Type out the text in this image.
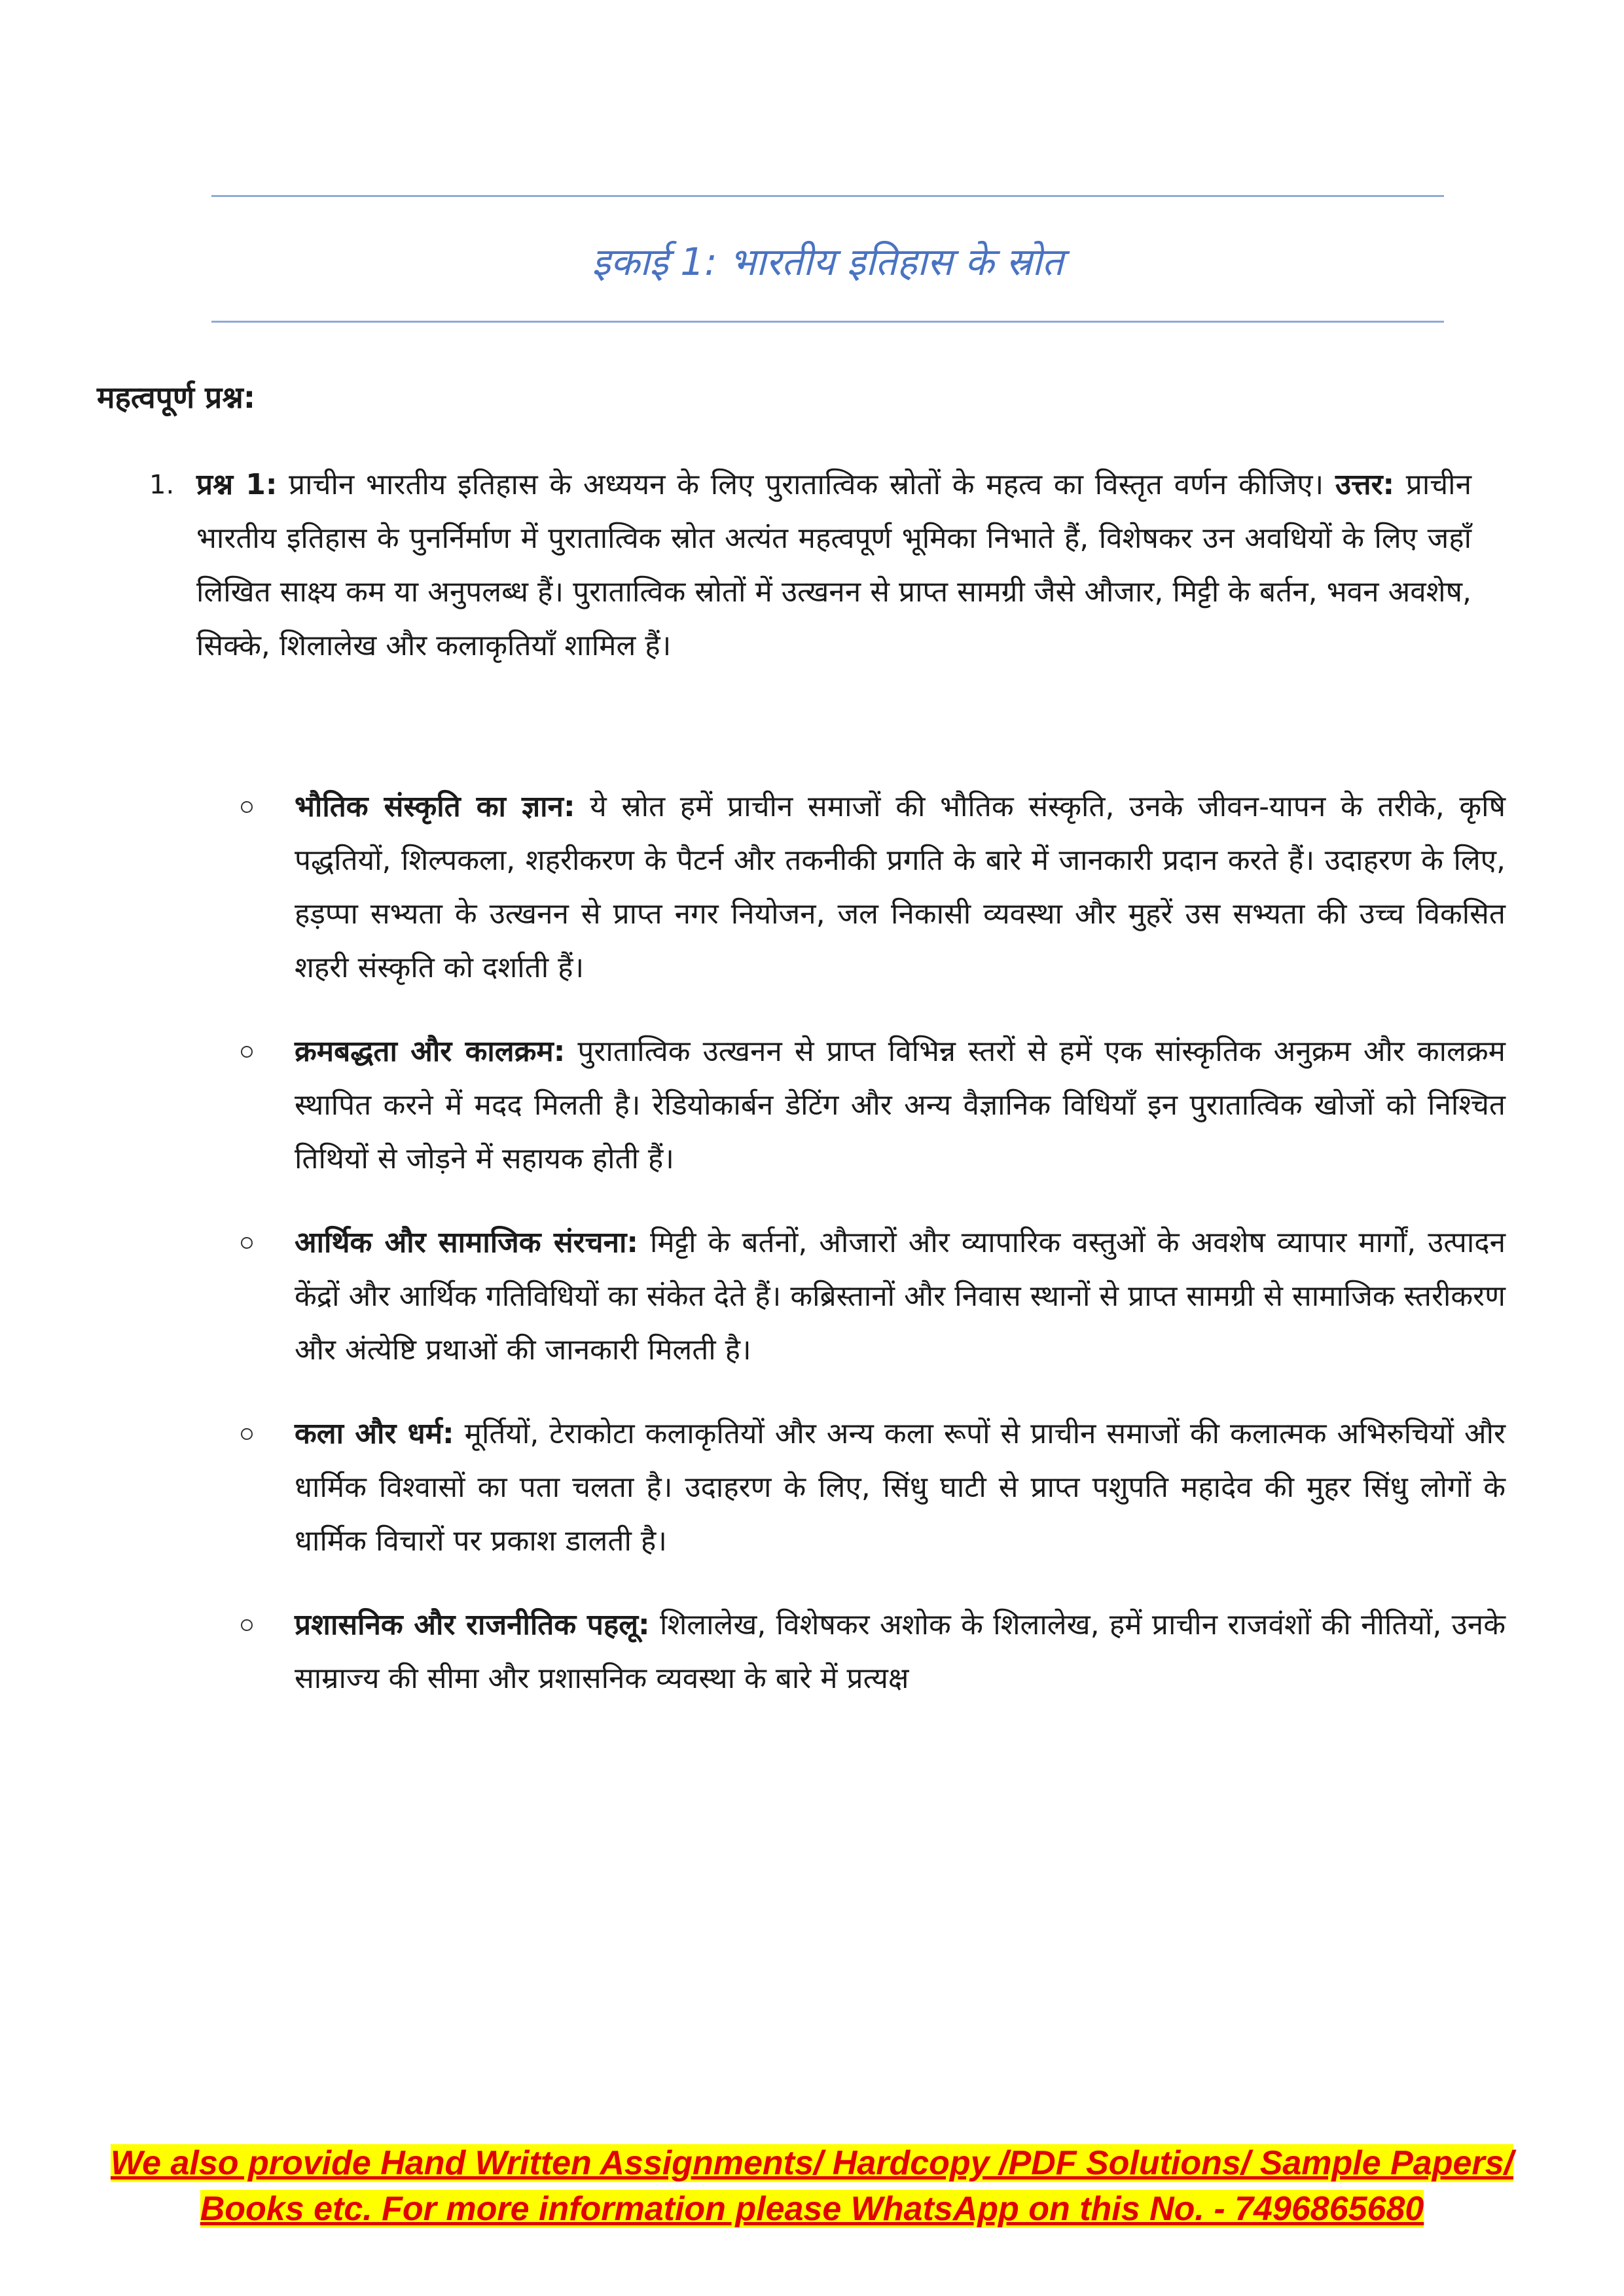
इकाई 1: भारतीय इतिहास के स्रोत
महत्वपूर्ण प्रश्न:
1. प्रश्न 1: प्राचीन भारतीय इतिहास के अध्ययन के लिए पुरातात्विक स्रोतों के महत्व का विस्तृत वर्णन कीजिए। उत्तर: प्राचीन भारतीय इतिहास के पुनर्निर्माण में पुरातात्विक स्रोत अत्यंत महत्वपूर्ण भूमिका निभाते हैं, विशेषकर उन अवधियों के लिए जहाँ लिखित साक्ष्य कम या अनुपलब्ध हैं। पुरातात्विक स्रोतों में उत्खनन से प्राप्त सामग्री जैसे औजार, मिट्टी के बर्तन, भवन अवशेष, सिक्के, शिलालेख और कलाकृतियाँ शामिल हैं।
भौतिक संस्कृति का ज्ञान: ये स्रोत हमें प्राचीन समाजों की भौतिक संस्कृति, उनके जीवन-यापन के तरीके, कृषि पद्धतियों, शिल्पकला, शहरीकरण के पैटर्न और तकनीकी प्रगति के बारे में जानकारी प्रदान करते हैं। उदाहरण के लिए, हड़प्पा सभ्यता के उत्खनन से प्राप्त नगर नियोजन, जल निकासी व्यवस्था और मुहरें उस सभ्यता की उच्च विकसित शहरी संस्कृति को दर्शाती हैं।
क्रमबद्धता और कालक्रम: पुरातात्विक उत्खनन से प्राप्त विभिन्न स्तरों से हमें एक सांस्कृतिक अनुक्रम और कालक्रम स्थापित करने में मदद मिलती है। रेडियोकार्बन डेटिंग और अन्य वैज्ञानिक विधियाँ इन पुरातात्विक खोजों को निश्चित तिथियों से जोड़ने में सहायक होती हैं।
आर्थिक और सामाजिक संरचना: मिट्टी के बर्तनों, औजारों और व्यापारिक वस्तुओं के अवशेष व्यापार मार्गों, उत्पादन केंद्रों और आर्थिक गतिविधियों का संकेत देते हैं। कब्रिस्तानों और निवास स्थानों से प्राप्त सामग्री से सामाजिक स्तरीकरण और अंत्येष्टि प्रथाओं की जानकारी मिलती है।
कला और धर्म: मूर्तियों, टेराकोटा कलाकृतियों और अन्य कला रूपों से प्राचीन समाजों की कलात्मक अभिरुचियों और धार्मिक विश्वासों का पता चलता है। उदाहरण के लिए, सिंधु घाटी से प्राप्त पशुपति महादेव की मुहर सिंधु लोगों के धार्मिक विचारों पर प्रकाश डालती है।
प्रशासनिक और राजनीतिक पहलू: शिलालेख, विशेषकर अशोक के शिलालेख, हमें प्राचीन राजवंशों की नीतियों, उनके साम्राज्य की सीमा और प्रशासनिक व्यवस्था के बारे में प्रत्यक्ष
We also provide Hand Written Assignments/ Hardcopy /PDF Solutions/ Sample Papers/
Books etc. For more information please WhatsApp on this No. - 7496865680
